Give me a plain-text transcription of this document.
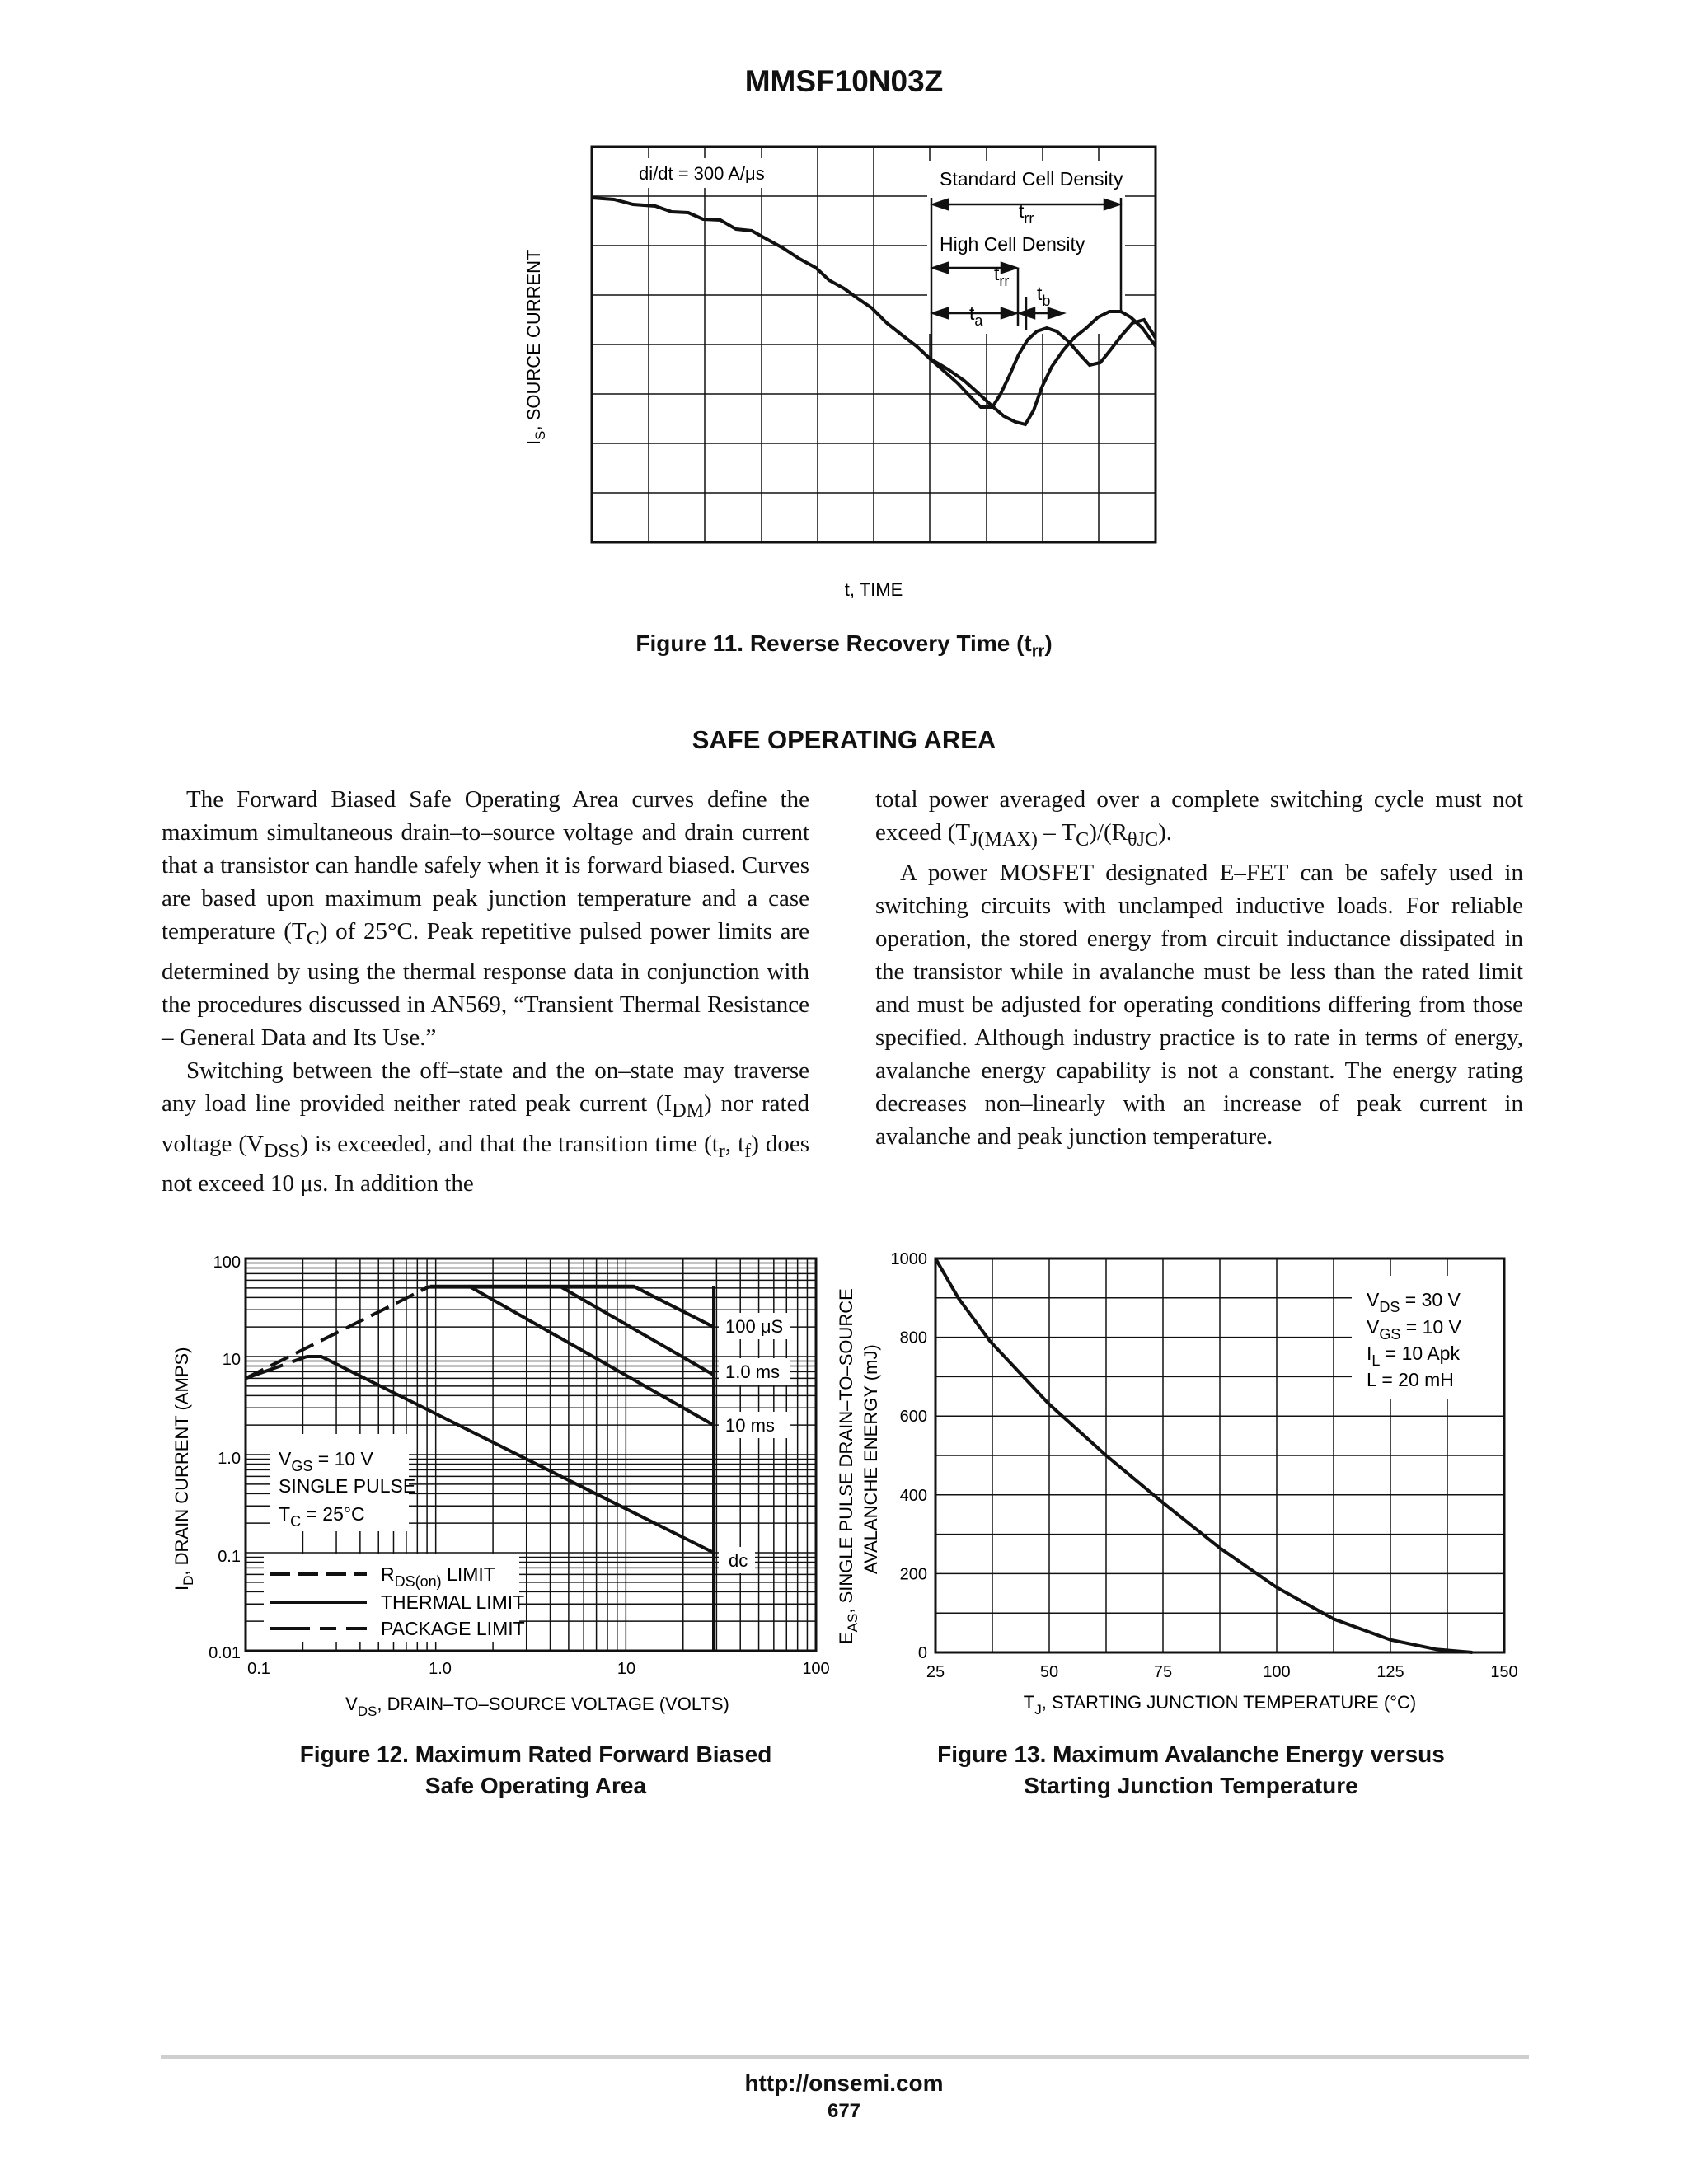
MMSF10N03Z
di/dt = 300 A/μs	Standard Cell Density
$t_{rr}$
High Cell Density
$t_{rr}$
$t_a$
$t_b$
$I_S$, SOURCE CURRENT
t, TIME
Figure 11. Reverse Recovery Time $(t_{rr})$
SAFE OPERATING AREA

The Forward Biased Safe Operating Area curves define the maximum simultaneous drain–to–source voltage and drain current that a transistor can handle safely when it is forward biased. Curves are based upon maximum peak junction temperature and a case temperature $(T_C)$ of 25°C. Peak repetitive pulsed power limits are determined by using the thermal response data in conjunction with the procedures discussed in AN569, “Transient Thermal Resistance – General Data and Its Use.”

Switching between the off–state and the on–state may traverse any load line provided neither rated peak current $(I_{DM})$ nor rated voltage $(V_{DSS})$ is exceeded, and that the transition time ($t_r$, $t_f$) does not exceed 10 μs. In addition the

total power averaged over a complete switching cycle must not exceed $(T_{J(MAX)} - T_C)/(R_{\theta JC})$.

A power MOSFET designated E–FET can be safely used in switching circuits with unclamped inductive loads. For reliable operation, the stored energy from circuit inductance dissipated in the transistor while in avalanche must be less than the rated limit and must be adjusted for operating conditions differing from those specified. Although industry practice is to rate in terms of energy, avalanche energy capability is not a constant. The energy rating decreases non–linearly with an increase of peak current in avalanche and peak junction temperature.

100
10
1.0
0.1
0.01
0.1	1.0	10	100
$V_{GS} = 10$ V
SINGLE PULSE
$T_C = 25^\circ C$
$R_{DS(on)}$ LIMIT
THERMAL LIMIT
PACKAGE LIMIT
100 μS
1.0 ms
10 ms
dc
$V_{DS}$, DRAIN–TO–SOURCE VOLTAGE (VOLTS)
$I_D$, DRAIN CURRENT (AMPS)
Figure 12. Maximum Rated Forward Biased
Safe Operating Area
25	50	75	100	125	150
0
200
400
600
800
1000
$V_{DS} = 30$ V
$V_{GS} = 10$ V
$I_L = 10$ Apk
L = 20 mH
$T_J$, STARTING JUNCTION TEMPERATURE (°C)
$E_{AS}$, SINGLE PULSE DRAIN–TO–SOURCE AVALANCHE ENERGY (mJ)
Figure 13. Maximum Avalanche Energy versus
Starting Junction Temperature
http://onsemi.com
677
